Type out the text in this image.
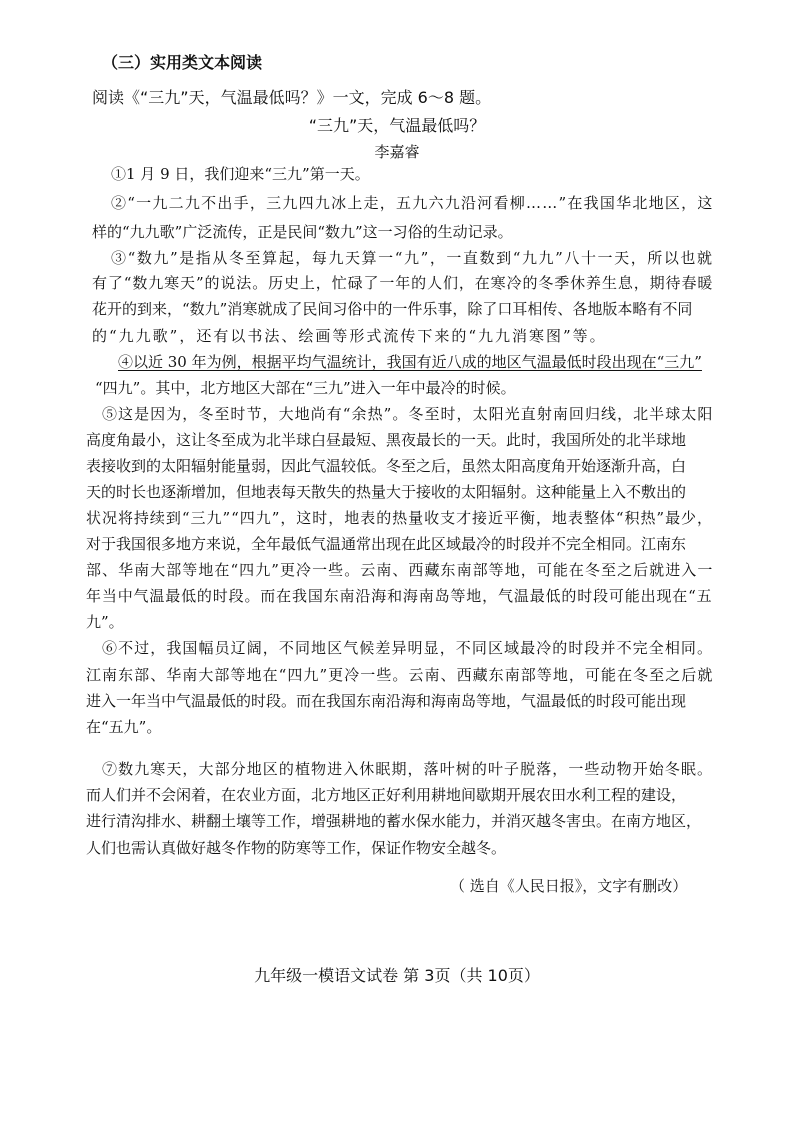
（三）实用类文本阅读
阅读《“三九”天，气温最低吗？》一文，完成 6～8 题。
“三九”天，气温最低吗？
李嘉睿
①1 月 9 日，我们迎来“三九”第一天。
②“一九二九不出手，三九四九冰上走，五九六九沿河看柳……”在我国华北地区，这
样的“九九歌”广泛流传，正是民间“数九”这一习俗的生动记录。
③“数九”是指从冬至算起，每九天算一“九”，一直数到“九九”八十一天，所以也就
有了“数九寒天”的说法。历史上，忙碌了一年的人们，在寒冷的冬季休养生息，期待春暖
花开的到来，“数九”消寒就成了民间习俗中的一件乐事，除了口耳相传、各地版本略有不同
的“九九歌”，还有以书法、绘画等形式流传下来的“九九消寒图”等。
④以近 30 年为例，根据平均气温统计，我国有近八成的地区气温最低时段出现在“三九”
“四九”。其中，北方地区大部在“三九”进入一年中最冷的时候。
⑤这是因为，冬至时节，大地尚有“余热”。冬至时，太阳光直射南回归线，北半球太阳
高度角最小，这让冬至成为北半球白昼最短、黑夜最长的一天。此时，我国所处的北半球地
表接收到的太阳辐射能量弱，因此气温较低。冬至之后，虽然太阳高度角开始逐渐升高，白
天的时长也逐渐增加，但地表每天散失的热量大于接收的太阳辐射。这种能量上入不敷出的
状况将持续到“三九”“四九”，这时，地表的热量收支才接近平衡，地表整体“积热”最少，
对于我国很多地方来说，全年最低气温通常出现在此区域最冷的时段并不完全相同。江南东
部、华南大部等地在“四九”更冷一些。云南、西藏东南部等地，可能在冬至之后就进入一
年当中气温最低的时段。而在我国东南沿海和海南岛等地，气温最低的时段可能出现在“五
九”。
⑥不过，我国幅员辽阔，不同地区气候差异明显，不同区域最冷的时段并不完全相同。
江南东部、华南大部等地在“四九”更冷一些。云南、西藏东南部等地，可能在冬至之后就
进入一年当中气温最低的时段。而在我国东南沿海和海南岛等地，气温最低的时段可能出现
在“五九”。
⑦数九寒天，大部分地区的植物进入休眠期，落叶树的叶子脱落，一些动物开始冬眠。
而人们并不会闲着，在农业方面，北方地区正好利用耕地间歇期开展农田水利工程的建设，
进行清沟排水、耕翻土壤等工作，增强耕地的蓄水保水能力，并消灭越冬害虫。在南方地区，
人们也需认真做好越冬作物的防寒等工作，保证作物安全越冬。
（ 选自《人民日报》，文字有删改）
九年级一模语文试卷 第 3页（共 10页）
